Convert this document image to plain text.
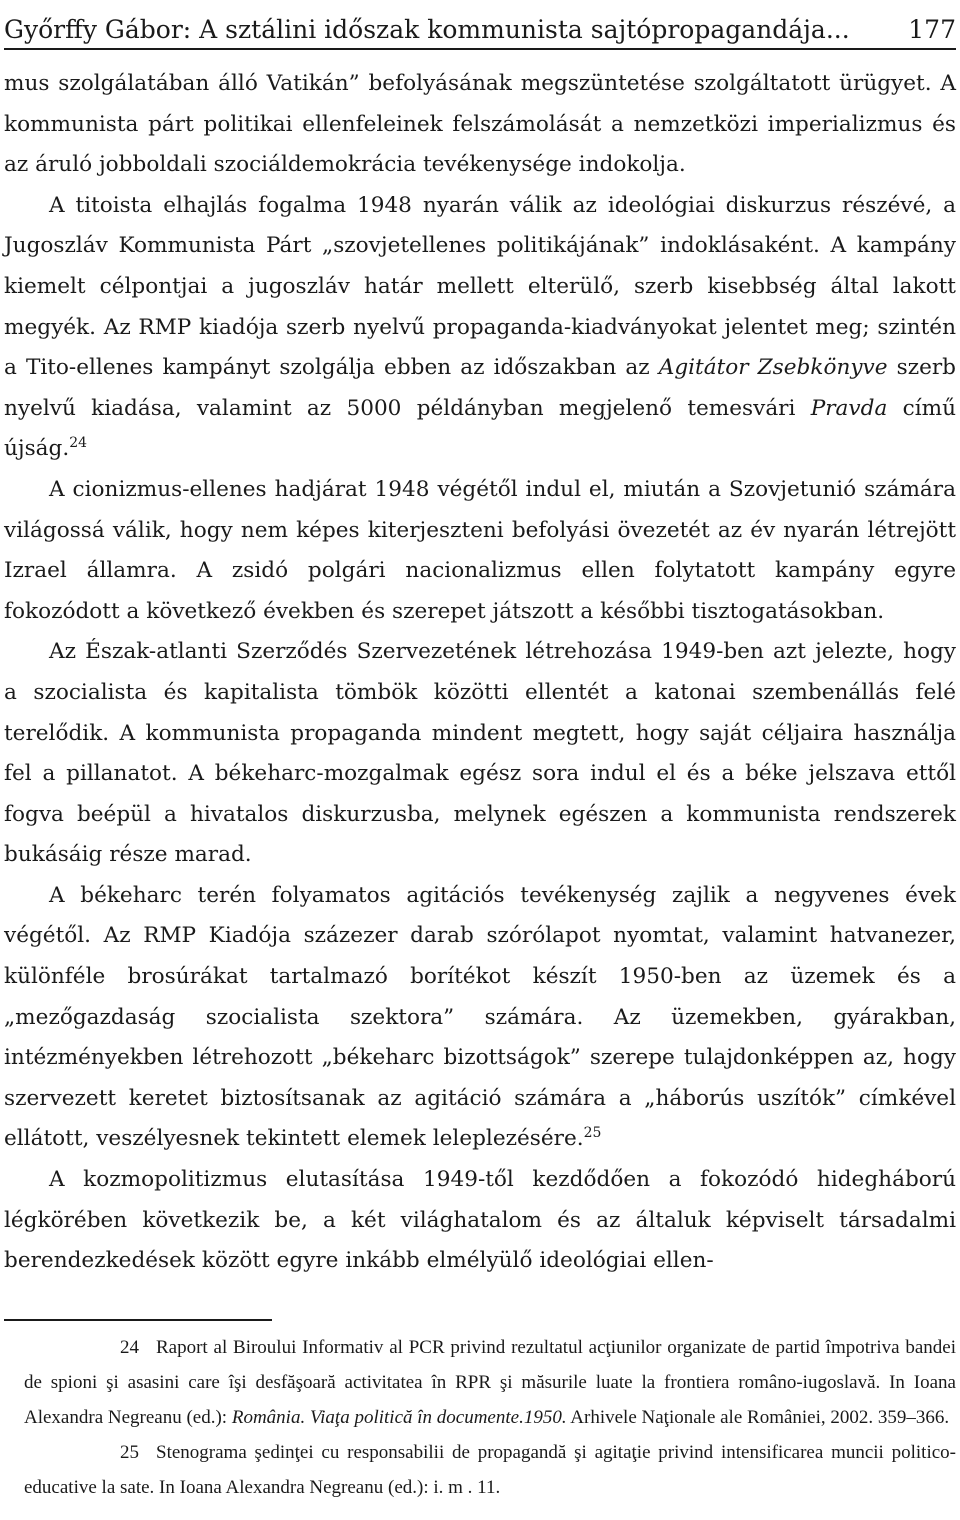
Győrffy Gábor: A sztálini időszak kommunista sajtópropagandája... 177

mus szolgálatában álló Vatikán” befolyásának megszüntetése szolgáltatott ürügyet. A kommunista párt politikai ellenfeleinek felszámolását a nemzetközi imperializmus és az áruló jobboldali szociáldemokrácia tevékenysége indokolja.

A titoista elhajlás fogalma 1948 nyarán válik az ideológiai diskurzus részévé, a Jugoszláv Kommunista Párt „szovjetellenes politikájának” indoklásaként. A kampány kiemelt célpontjai a jugoszláv határ mellett elterülő, szerb kisebbség által lakott megyék. Az RMP kiadója szerb nyelvű propaganda-kiadványokat jelentet meg; szintén a Tito-ellenes kampányt szolgálja ebben az időszakban az Agitátor Zsebkönyve szerb nyelvű kiadása, valamint az 5000 példányban megjelenő temesvári Pravda című újság.$^{24}$

A cionizmus-ellenes hadjárat 1948 végétől indul el, miután a Szovjetunió számára világossá válik, hogy nem képes kiterjeszteni befolyási övezetét az év nyarán létrejött Izrael államra. A zsidó polgári nacionalizmus ellen folytatott kampány egyre fokozódott a következő években és szerepet játszott a későbbi tisztogatásokban.

Az Észak-atlanti Szerződés Szervezetének létrehozása 1949-ben azt jelezte, hogy a szocialista és kapitalista tömbök közötti ellentét a katonai szembenállás felé terelődik. A kommunista propaganda mindent megtett, hogy saját céljaira használja fel a pillanatot. A békeharc-mozgalmak egész sora indul el és a béke jelszava ettől fogva beépül a hivatalos diskurzusba, melynek egészen a kommunista rendszerek bukásáig része marad.

A békeharc terén folyamatos agitációs tevékenység zajlik a negyvenes évek végétől. Az RMP Kiadója százezer darab szórólapot nyomtat, valamint hatvanezer, különféle brosúrákat tartalmazó borítékot készít 1950-ben az üzemek és a „mezőgazdaság szocialista szektora” számára. Az üzemekben, gyárakban, intézményekben létrehozott „békeharc bizottságok” szerepe tulajdonképpen az, hogy szervezett keretet biztosítsanak az agitáció számára a „háborús uszítók” címkével ellátott, veszélyesnek tekintett elemek leleplezésére.$^{25}$

A kozmopolitizmus elutasítása 1949-től kezdődően a fokozódó hidegháború légkörében következik be, a két világhatalom és az általuk képviselt társadalmi berendezkedések között egyre inkább elmélyülő ideológiai ellen-

24 Raport al Biroului Informativ al PCR privind rezultatul acţiunilor organizate de partid împotriva bandei de spioni şi asasini care îşi desfăşoară activitatea în RPR şi măsurile luate la frontiera româno-iugoslavă. In Ioana Alexandra Negreanu (ed.): România. Viaţa politică în documente.1950. Arhivele Naţionale ale României, 2002. 359–366.

25 Stenograma şedinţei cu responsabilii de propagandă şi agitaţie privind intensificarea muncii politico-educative la sate. In Ioana Alexandra Negreanu (ed.): i. m . 11.
